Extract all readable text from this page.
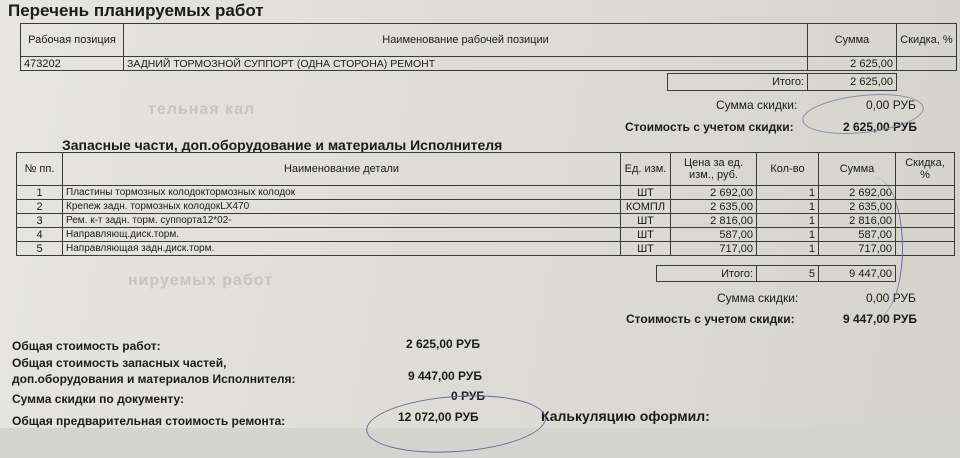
тельная кал
нируемых работ
Перечень планируемых работ
Рабочая позиция	Наименование рабочей позиции	Сумма	Скидка, %
473202	ЗАДНИЙ ТОРМОЗНОЙ СУППОРТ (ОДНА СТОРОНА) РЕМОНТ	2 625,00	
Итого:	2 625,00
Сумма скидки:	0,00 РУБ
Стоимость с учетом скидки:	2 625,00 РУБ
Запасные части, доп.оборудование и материалы Исполнителя
№ пп.	Наименование детали	Ед. изм.	Цена за ед. изм., руб.	Кол-во	Сумма	Скидка, %
1	Пластины тормозных колодоктормозных колодок	ШТ	2 692,00	1	2 692,00	
2	Крепеж задн. тормозных колодокLX470	КОМПЛ	2 635,00	1	2 635,00	
3	Рем. к-т задн. торм. суппорта12*02-	ШТ	2 816,00	1	2 816,00	
4	Направляющ.диск.торм.	ШТ	587,00	1	587,00	
5	Направляющая задн.диск.торм.	ШТ	717,00	1	717,00	
Итого:	5	9 447,00
Сумма скидки:	0,00 РУБ
Стоимость с учетом скидки:	9 447,00 РУБ
Общая стоимость работ:	2 625,00 РУБ
Общая стоимость запасных частей,
доп.оборудования и материалов Исполнителя:	9 447,00 РУБ
Сумма скидки по документу:	0 РУБ
Общая предварительная стоимость ремонта:	12 072,00 РУБ	Калькуляцию оформил:
